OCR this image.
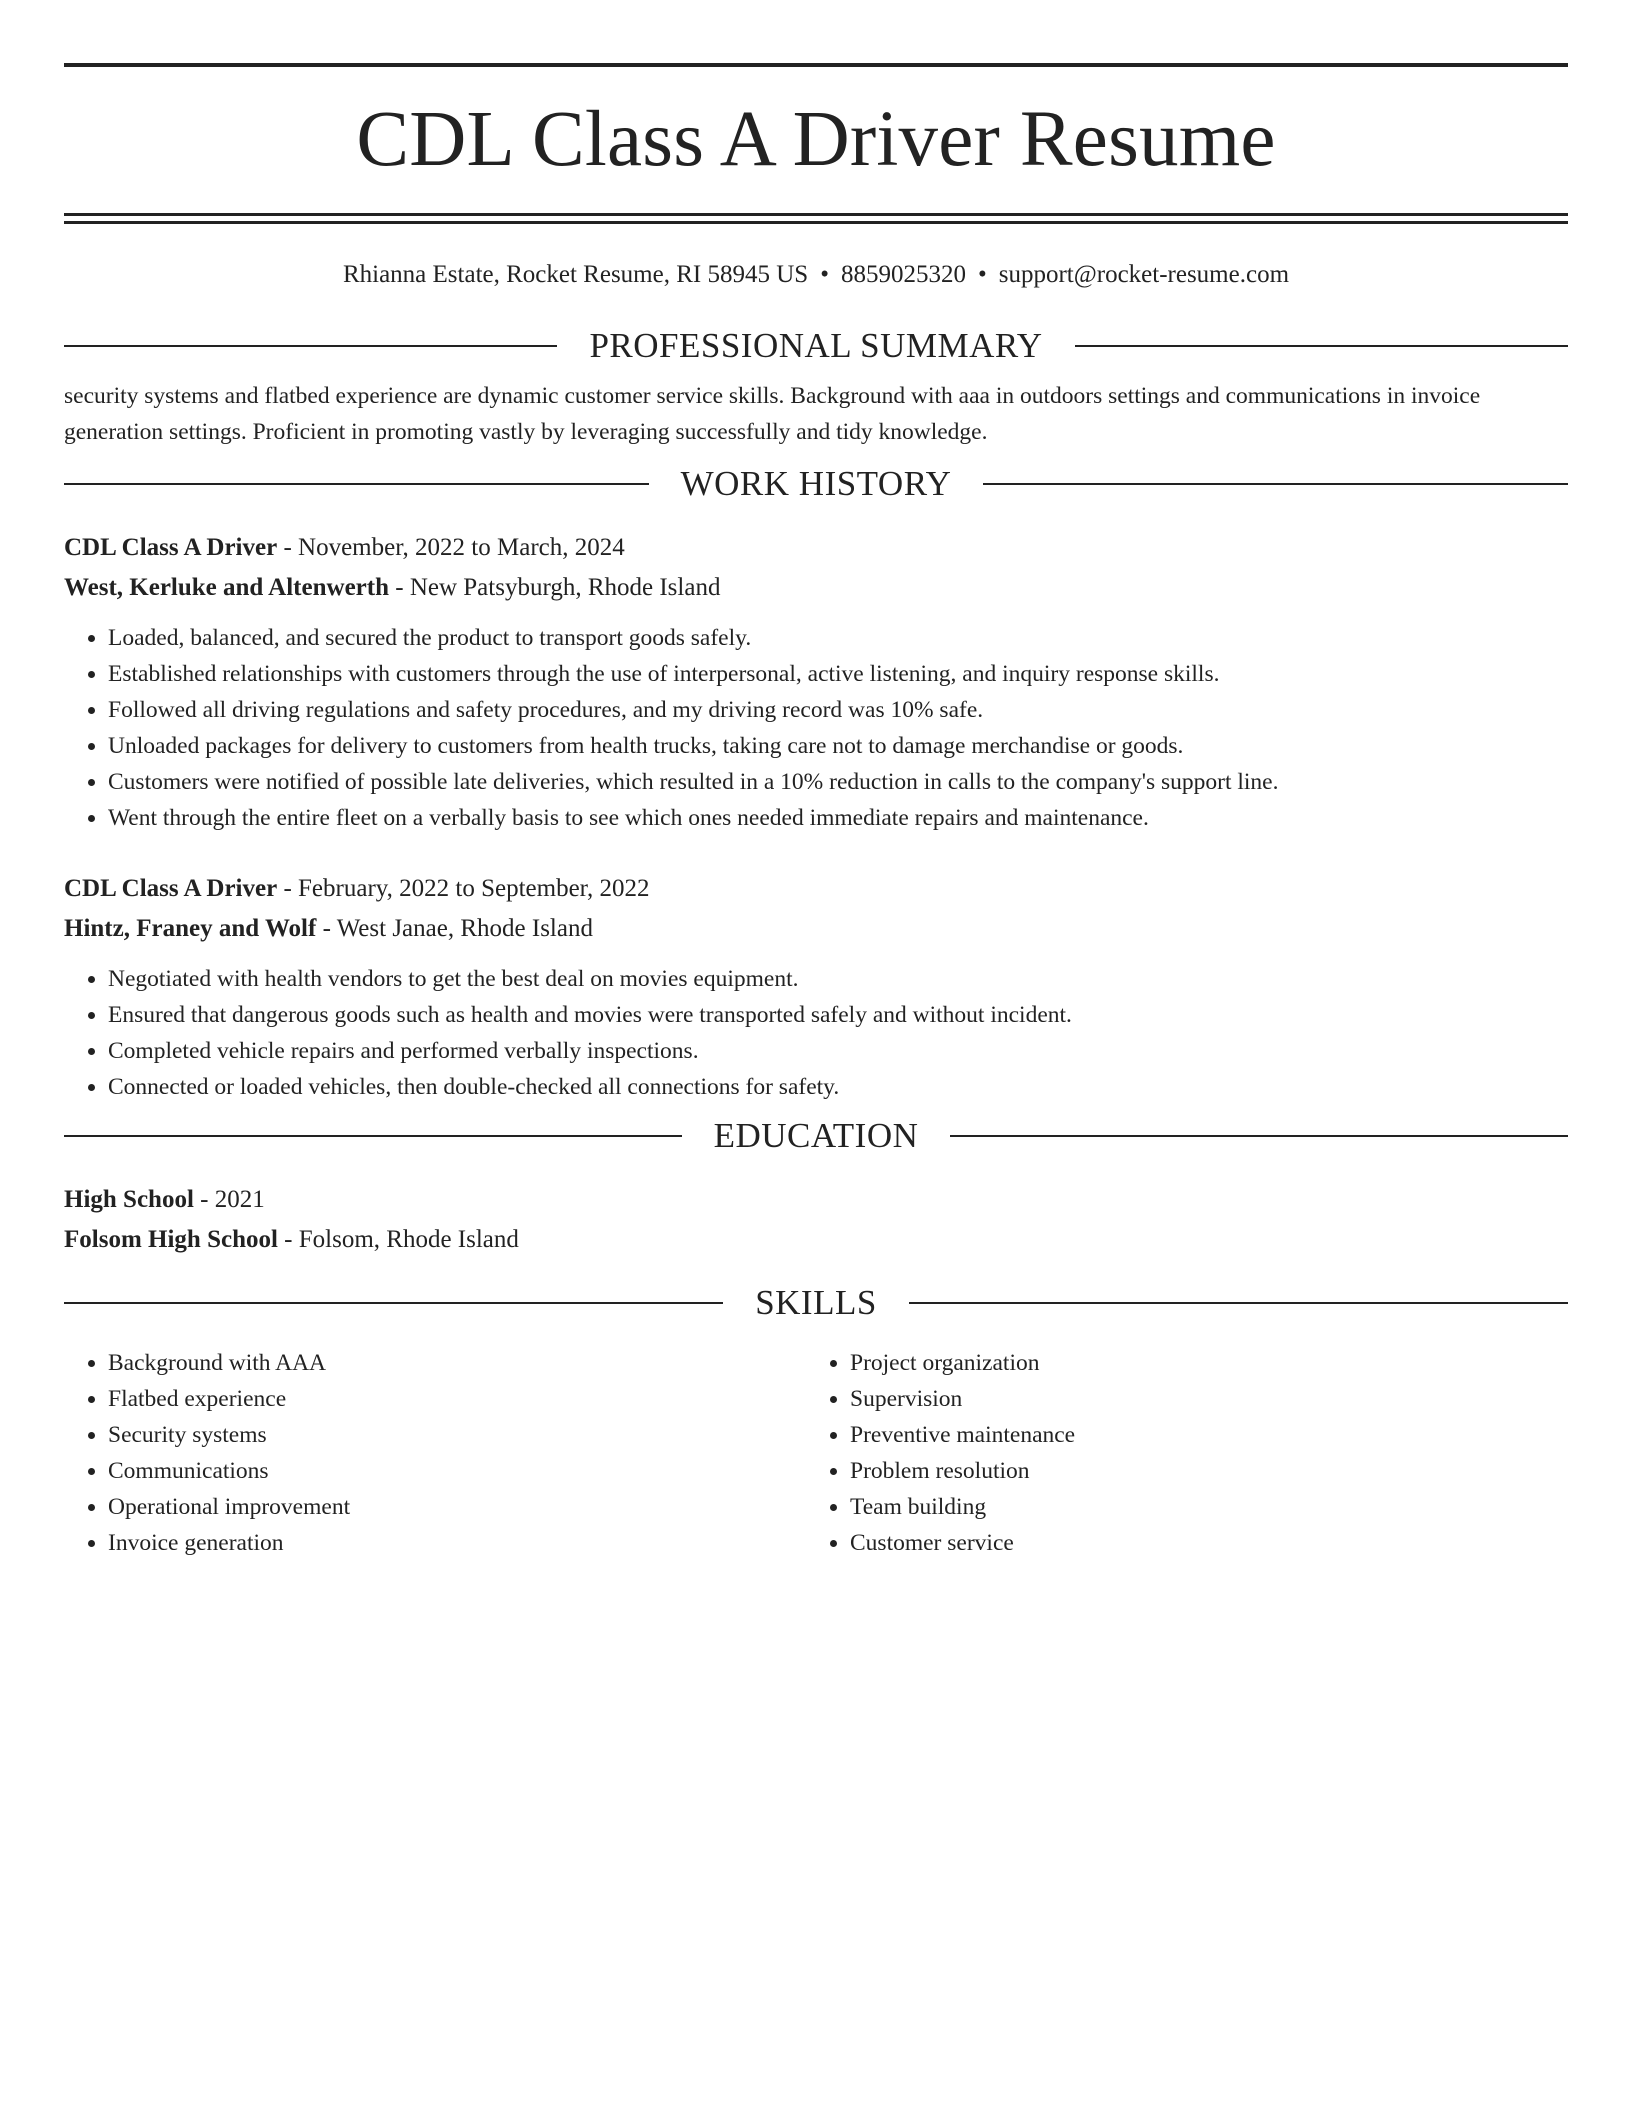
CDL Class A Driver Resume
Rhianna Estate, Rocket Resume, RI 58945 US • 8859025320 • support@rocket-resume.com
PROFESSIONAL SUMMARY

security systems and flatbed experience are dynamic customer service skills. Background with aaa in outdoors settings and communications in invoice generation settings. Proficient in promoting vastly by leveraging successfully and tidy knowledge.

WORK HISTORY
CDL Class A Driver - November, 2022 to March, 2024
West, Kerluke and Altenwerth - New Patsyburgh, Rhode Island
• Loaded, balanced, and secured the product to transport goods safely.
• Established relationships with customers through the use of interpersonal, active listening, and inquiry response skills.
• Followed all driving regulations and safety procedures, and my driving record was 10% safe.
• Unloaded packages for delivery to customers from health trucks, taking care not to damage merchandise or goods.
• Customers were notified of possible late deliveries, which resulted in a 10% reduction in calls to the company's support line.
• Went through the entire fleet on a verbally basis to see which ones needed immediate repairs and maintenance.
CDL Class A Driver - February, 2022 to September, 2022
Hintz, Franey and Wolf - West Janae, Rhode Island
• Negotiated with health vendors to get the best deal on movies equipment.
• Ensured that dangerous goods such as health and movies were transported safely and without incident.
• Completed vehicle repairs and performed verbally inspections.
• Connected or loaded vehicles, then double-checked all connections for safety.
EDUCATION
High School - 2021
Folsom High School - Folsom, Rhode Island
SKILLS
• Background with AAA
• Flatbed experience
• Security systems
• Communications
• Operational improvement
• Invoice generation
• Project organization
• Supervision
• Preventive maintenance
• Problem resolution
• Team building
• Customer service
